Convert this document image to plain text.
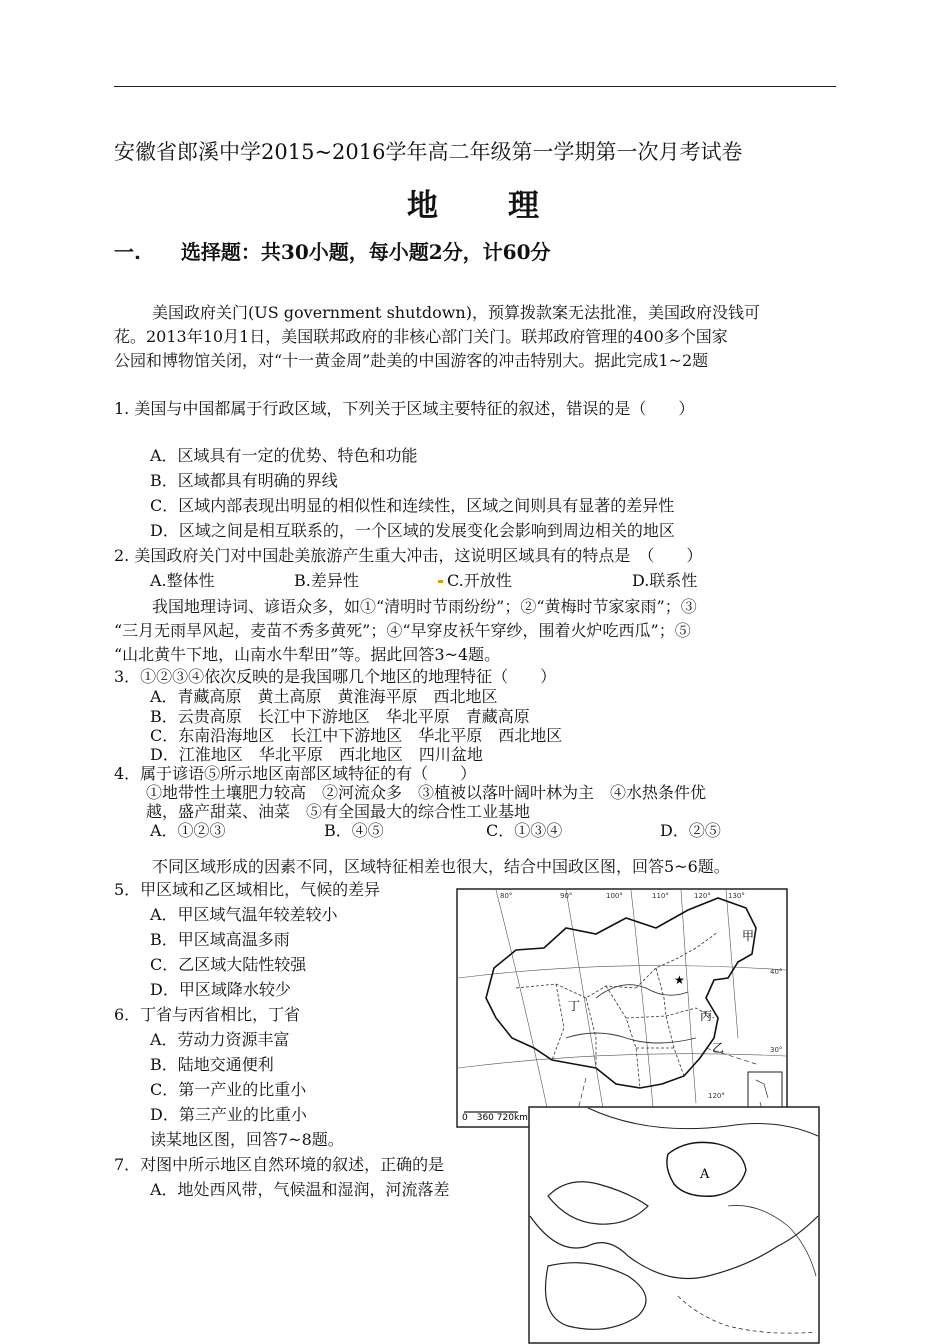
安徽省郎溪中学2015~2016学年高二年级第一学期第一次月考试卷
地理
一. 选择题：共30小题，每小题2分，计60分
美国政府关门(US government shutdown)，预算拨款案无法批准，美国政府没钱可
花。2013年10月1日，美国联邦政府的非核心部门关门。联邦政府管理的400多个国家
公园和博物馆关闭，对“十一黄金周”赴美的中国游客的冲击特别大。据此完成1~2题
1. 美国与中国都属于行政区域，下列关于区域主要特征的叙述，错误的是（　　）
A．区域具有一定的优势、特色和功能
B．区域都具有明确的界线
C．区域内部表现出明显的相似性和连续性，区域之间则具有显著的差异性
D．区域之间是相互联系的，一个区域的发展变化会影响到周边相关的地区
2. 美国政府关门对中国赴美旅游产生重大冲击，这说明区域具有的特点是　（　　）
A.整体性	B.差异性	C.开放性	D.联系性
我国地理诗词、谚语众多，如①“清明时节雨纷纷”；②“黄梅时节家家雨”；③
“三月无雨旱风起，麦苗不秀多黄死”；④“早穿皮袄午穿纱，围着火炉吃西瓜”；⑤
“山北黄牛下地，山南水牛犁田”等。据此回答3~4题。
3．①②③④依次反映的是我国哪几个地区的地理特征（　　）
A．青藏高原　黄土高原　黄淮海平原　西北地区
B．云贵高原　长江中下游地区　华北平原　青藏高原
C．东南沿海地区　长江中下游地区　华北平原　西北地区
D．江淮地区　华北平原　西北地区　四川盆地
4．属于谚语⑤所示地区南部区域特征的有（　　）
①地带性土壤肥力较高　②河流众多　③植被以落叶阔叶林为主　④水热条件优
越，盛产甜菜、油菜　⑤有全国最大的综合性工业基地
A．①②③	B．④⑤	C．①③④	D．②⑤
不同区域形成的因素不同，区域特征相差也很大，结合中国政区图，回答5~6题。
5．甲区域和乙区域相比，气候的差异
A．甲区域气温年较差较小
B．甲区域高温多雨
C．乙区域大陆性较强
D．甲区域降水较少
6．丁省与丙省相比，丁省
A．劳动力资源丰富
B．陆地交通便利
C．第一产业的比重小
D．第三产业的比重小
读某地区图，回答7~8题。
7．对图中所示地区自然环境的叙述，正确的是
A．地处西风带，气候温和湿润，河流落差
★
甲
乙
丙
丁
80°	90°	100°	110°	120° 130°
120°
40°
30°
0　360 720km
A
